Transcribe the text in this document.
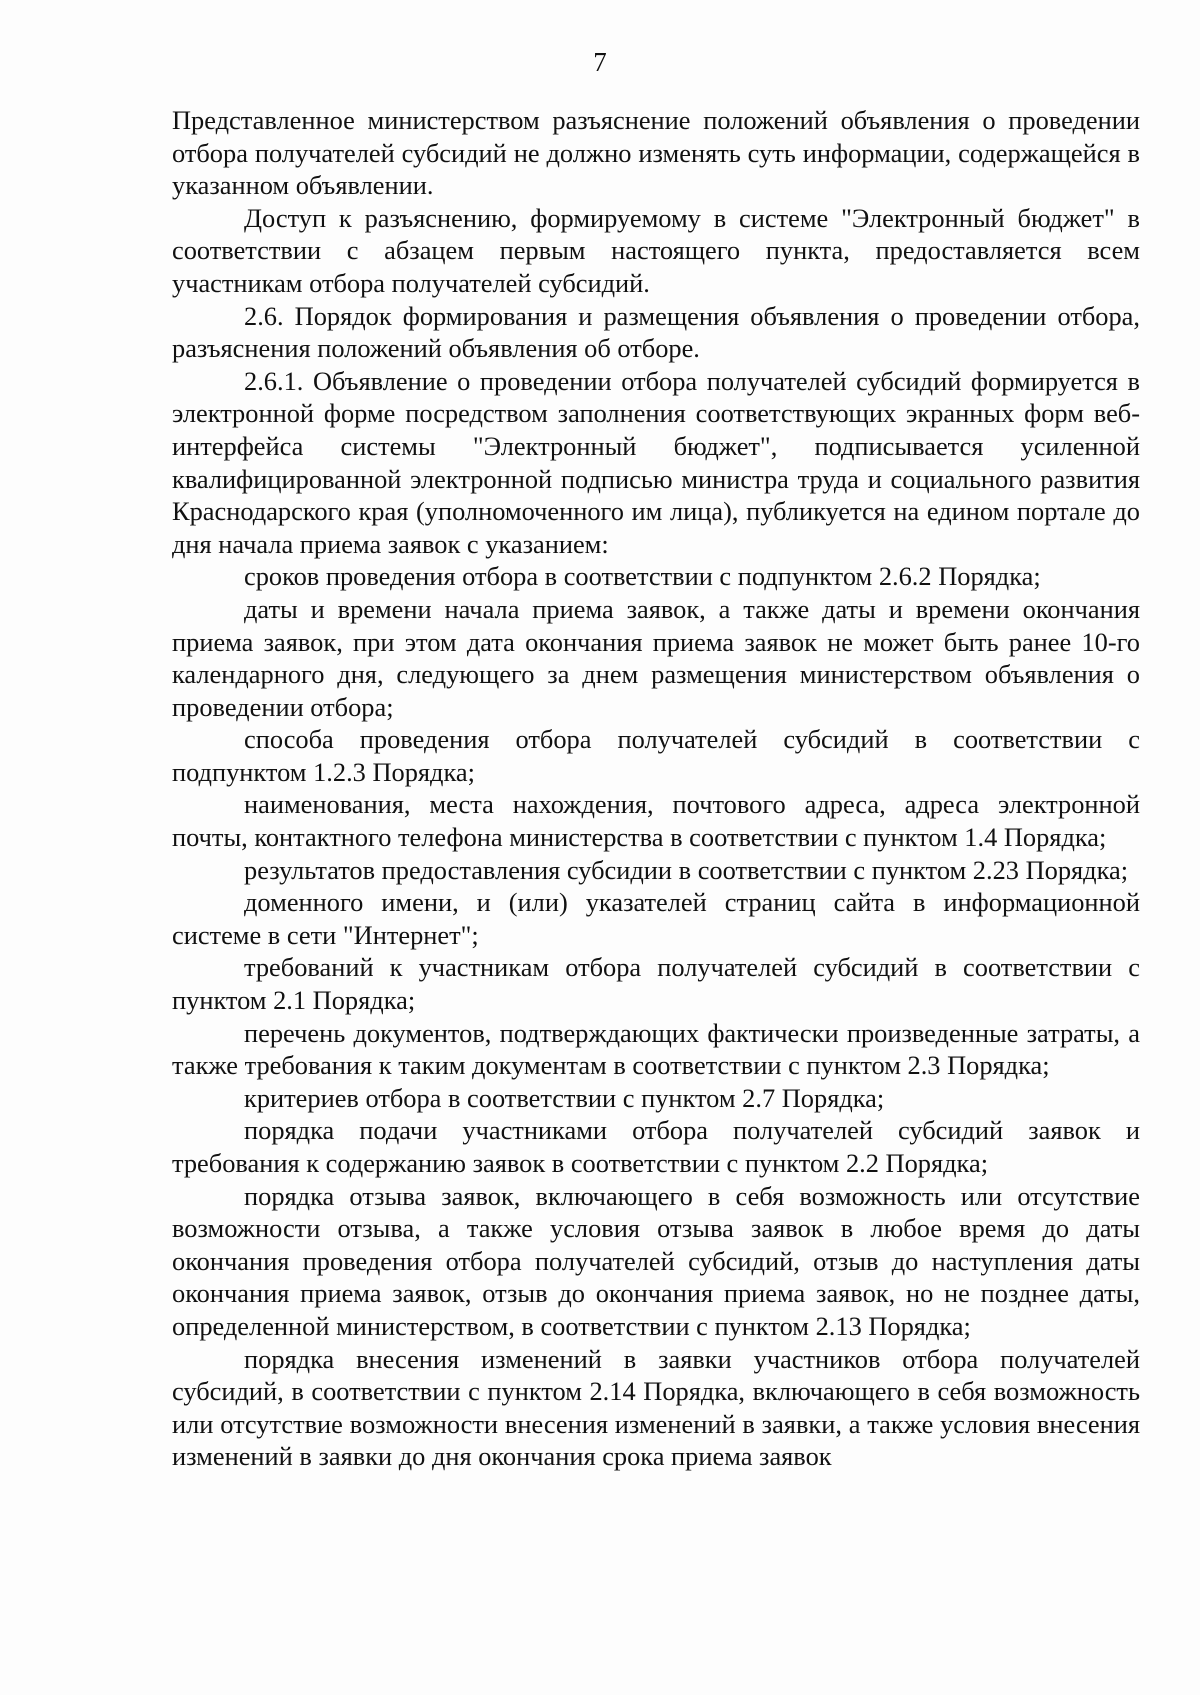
7

Представленное министерством разъяснение положений объявления о проведении отбора получателей субсидий не должно изменять суть информации, содержащейся в указанном объявлении.

Доступ к разъяснению, формируемому в системе "Электронный бюджет" в соответствии с абзацем первым настоящего пункта, предоставляется всем участникам отбора получателей субсидий.

2.6. Порядок формирования и размещения объявления о проведении отбора, разъяснения положений объявления об отборе.

2.6.1. Объявление о проведении отбора получателей субсидий формируется в электронной форме посредством заполнения соответствующих экранных форм веб-интерфейса системы "Электронный бюджет", подписывается усиленной квалифицированной электронной подписью министра труда и социального развития Краснодарского края (уполномоченного им лица), публикуется на едином портале до дня начала приема заявок с указанием:

сроков проведения отбора в соответствии с подпунктом 2.6.2 Порядка;

даты и времени начала приема заявок, а также даты и времени окончания приема заявок, при этом дата окончания приема заявок не может быть ранее 10-го календарного дня, следующего за днем размещения министерством объявления о проведении отбора;

способа проведения отбора получателей субсидий в соответствии с подпунктом 1.2.3 Порядка;

наименования, места нахождения, почтового адреса, адреса электронной почты, контактного телефона министерства в соответствии с пунктом 1.4 Порядка;

результатов предоставления субсидии в соответствии с пунктом 2.23 Порядка;

доменного имени, и (или) указателей страниц сайта в информационной системе в сети "Интернет";

требований к участникам отбора получателей субсидий в соответствии с пунктом 2.1 Порядка;

перечень документов, подтверждающих фактически произведенные затраты, а также требования к таким документам в соответствии с пунктом 2.3 Порядка;

критериев отбора в соответствии с пунктом 2.7 Порядка;

порядка подачи участниками отбора получателей субсидий заявок и требования к содержанию заявок в соответствии с пунктом 2.2 Порядка;

порядка отзыва заявок, включающего в себя возможность или отсутствие возможности отзыва, а также условия отзыва заявок в любое время до даты окончания проведения отбора получателей субсидий, отзыв до наступления даты окончания приема заявок, отзыв до окончания приема заявок, но не позднее даты, определенной министерством, в соответствии с пунктом 2.13 Порядка;

порядка внесения изменений в заявки участников отбора получателей субсидий, в соответствии с пунктом 2.14 Порядка, включающего в себя возможность или отсутствие возможности внесения изменений в заявки, а также условия внесения изменений в заявки до дня окончания срока приема заявок
